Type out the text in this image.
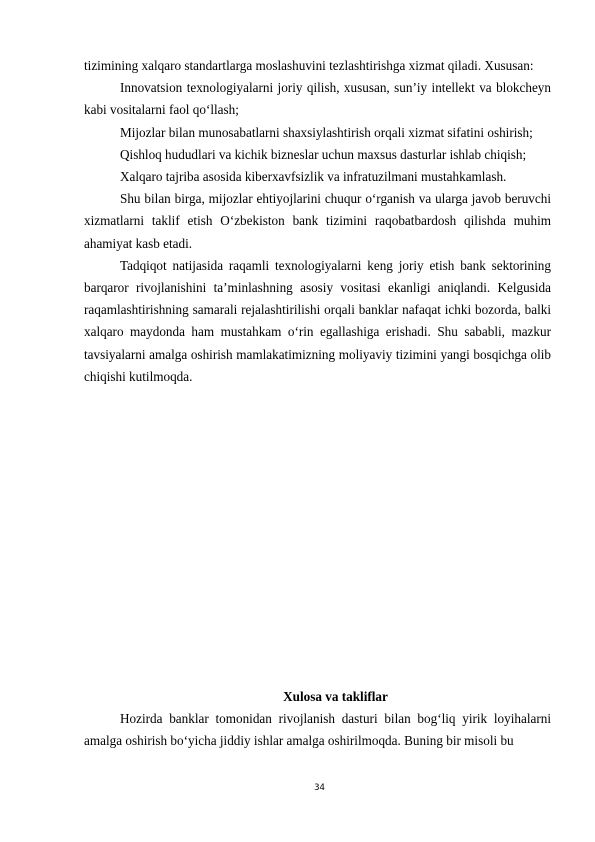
tizimining xalqaro standartlarga moslashuvini tezlashtirishga xizmat qiladi. Xususan:

Innovatsion texnologiyalarni joriy qilish, xususan, sun’iy intellekt va blokcheyn kabi vositalarni faol qo‘llash;

Mijozlar bilan munosabatlarni shaxsiylashtirish orqali xizmat sifatini oshirish;

Qishloq hududlari va kichik bizneslar uchun maxsus dasturlar ishlab chiqish;

Xalqaro tajriba asosida kiberxavfsizlik va infratuzilmani mustahkamlash.

Shu bilan birga, mijozlar ehtiyojlarini chuqur o‘rganish va ularga javob beruvchi xizmatlarni taklif etish O‘zbekiston bank tizimini raqobatbardosh qilishda muhim ahamiyat kasb etadi.

Tadqiqot natijasida raqamli texnologiyalarni keng joriy etish bank sektorining barqaror rivojlanishini ta’minlashning asosiy vositasi ekanligi aniqlandi. Kelgusida raqamlashtirishning samarali rejalashtirilishi orqali banklar nafaqat ichki bozorda, balki xalqaro maydonda ham mustahkam o‘rin egallashiga erishadi. Shu sababli, mazkur tavsiyalarni amalga oshirish mamlakatimizning moliyaviy tizimini yangi bosqichga olib chiqishi kutilmoqda.

Xulosa va takliflar

Hozirda banklar tomonidan rivojlanish dasturi bilan bog‘liq yirik loyihalarni amalga oshirish bo‘yicha jiddiy ishlar amalga oshirilmoqda. Buning bir misoli bu

34
